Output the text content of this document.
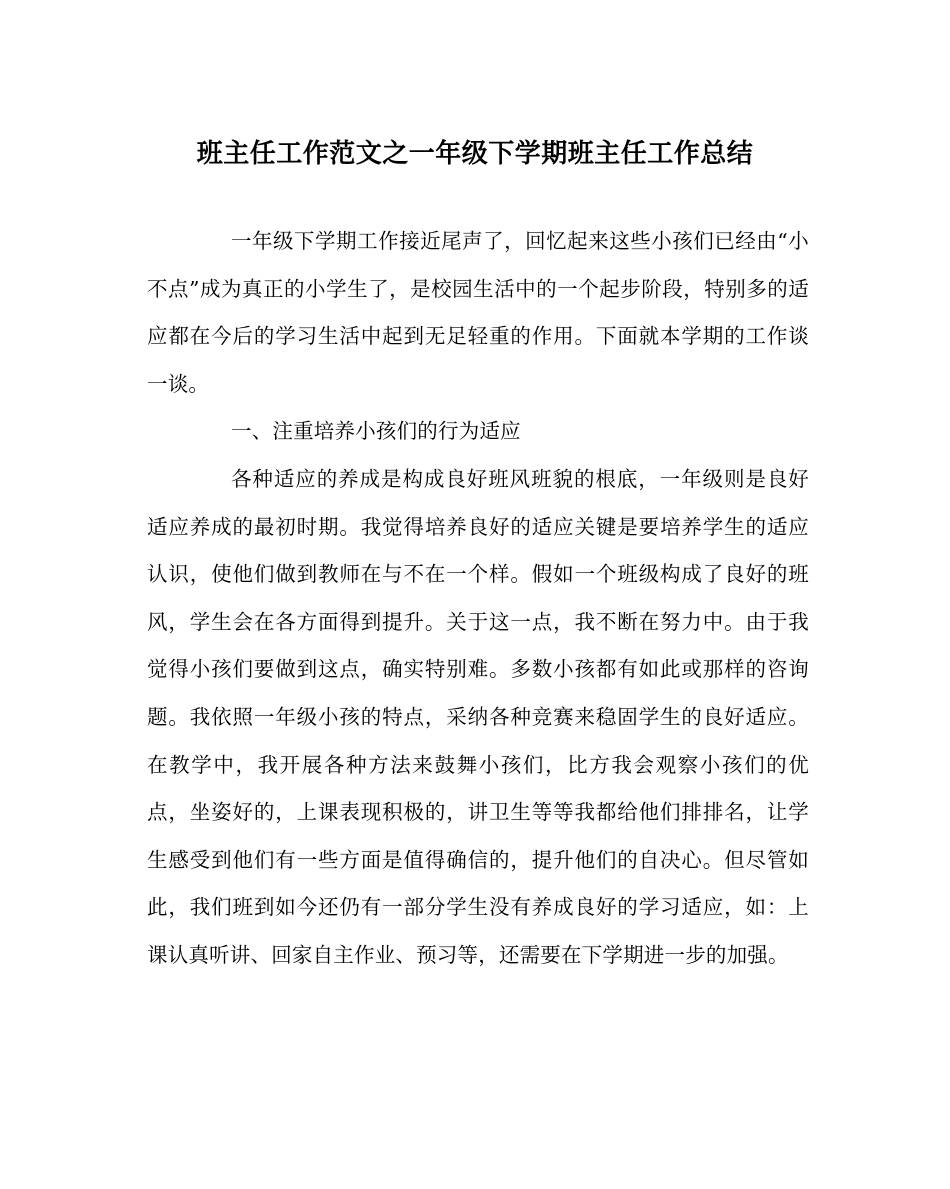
班主任工作范文之一年级下学期班主任工作总结

一年级下学期工作接近尾声了，回忆起来这些小孩们已经由“小不点”成为真正的小学生了，是校园生活中的一个起步阶段，特别多的适应都在今后的学习生活中起到无足轻重的作用。下面就本学期的工作谈一谈。

一、注重培养小孩们的行为适应

各种适应的养成是构成良好班风班貌的根底，一年级则是良好适应养成的最初时期。我觉得培养良好的适应关键是要培养学生的适应认识，使他们做到教师在与不在一个样。假如一个班级构成了良好的班风，学生会在各方面得到提升。关于这一点，我不断在努力中。由于我觉得小孩们要做到这点，确实特别难。多数小孩都有如此或那样的咨询题。我依照一年级小孩的特点，采纳各种竞赛来稳固学生的良好适应。在教学中，我开展各种方法来鼓舞小孩们，比方我会观察小孩们的优点，坐姿好的，上课表现积极的，讲卫生等等我都给他们排排名，让学生感受到他们有一些方面是值得确信的，提升他们的自决心。但尽管如此，我们班到如今还仍有一部分学生没有养成良好的学习适应，如：上课认真听讲、回家自主作业、预习等，还需要在下学期进一步的加强。
